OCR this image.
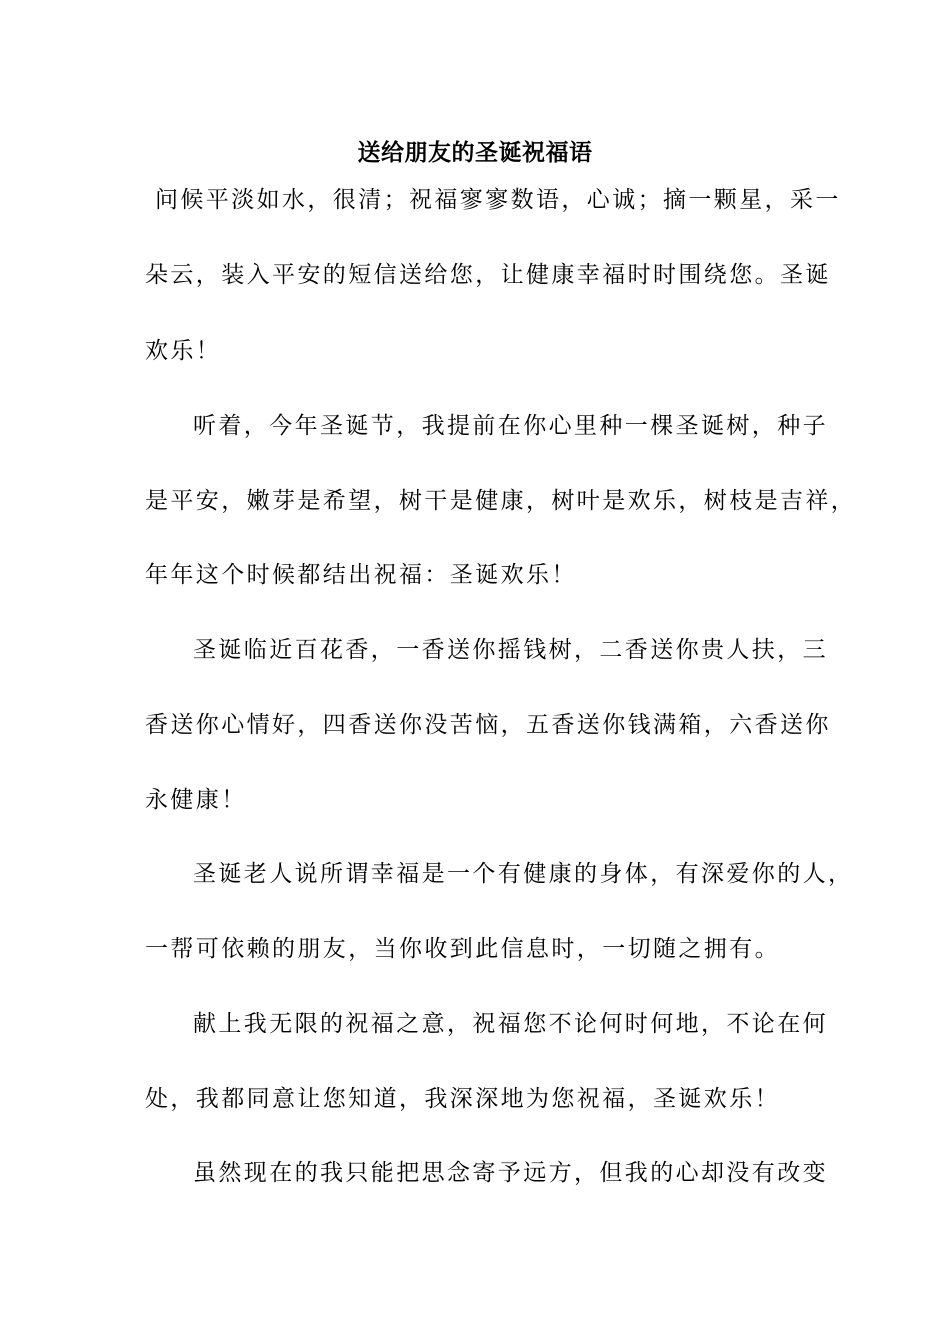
送给朋友的圣诞祝福语
问候平淡如水，很清；祝福寥寥数语，心诚；摘一颗星，采一
朵云，装入平安的短信送给您，让健康幸福时时围绕您。圣诞
欢乐！
听着，今年圣诞节，我提前在你心里种一棵圣诞树，种子
是平安，嫩芽是希望，树干是健康，树叶是欢乐，树枝是吉祥，
年年这个时候都结出祝福：圣诞欢乐！
圣诞临近百花香，一香送你摇钱树，二香送你贵人扶，三
香送你心情好，四香送你没苦恼，五香送你钱满箱，六香送你
永健康！
圣诞老人说所谓幸福是一个有健康的身体，有深爱你的人，
一帮可依赖的朋友，当你收到此信息时，一切随之拥有。
献上我无限的祝福之意，祝福您不论何时何地，不论在何
处，我都同意让您知道，我深深地为您祝福，圣诞欢乐！
虽然现在的我只能把思念寄予远方，但我的心却没有改变
